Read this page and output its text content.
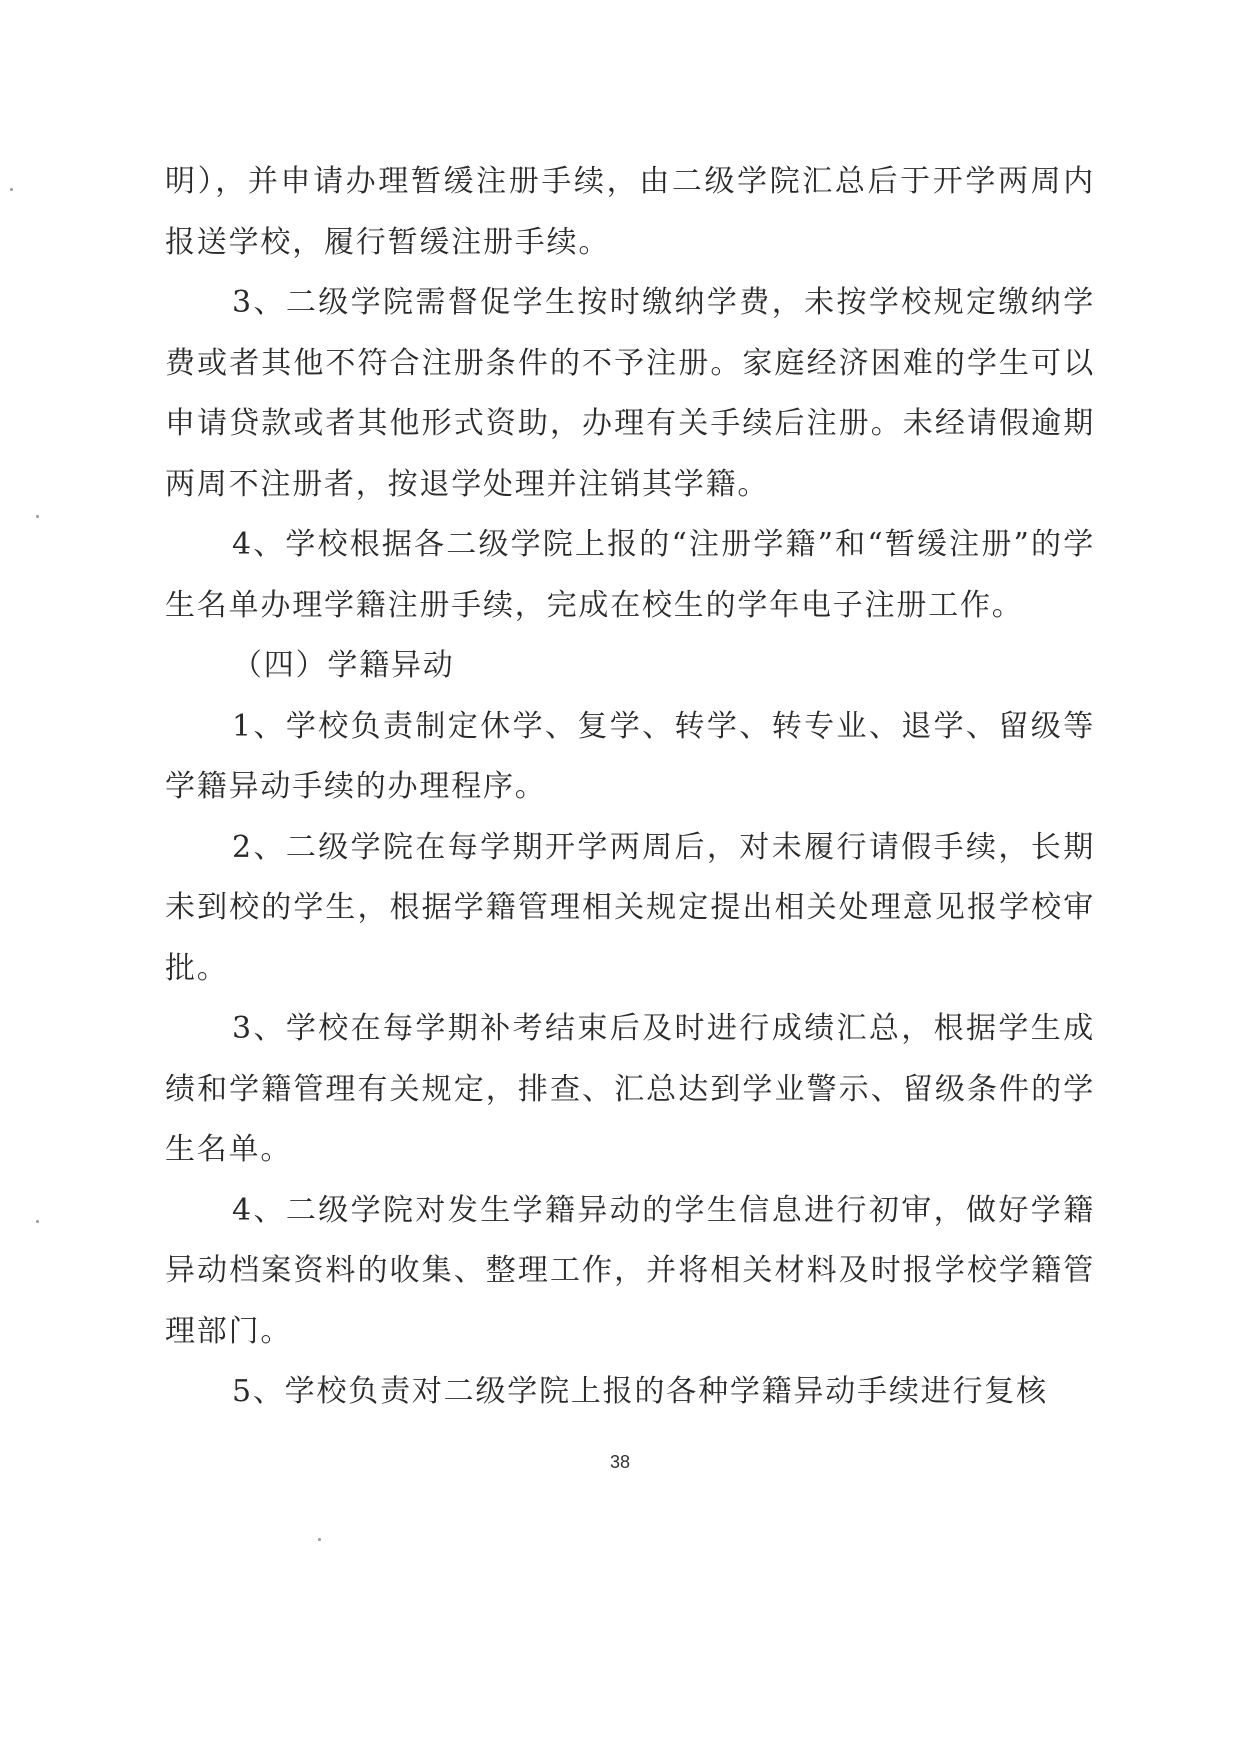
明），并申请办理暂缓注册手续，由二级学院汇总后于开学两周内报送学校，履行暂缓注册手续。

3、二级学院需督促学生按时缴纳学费，未按学校规定缴纳学费或者其他不符合注册条件的不予注册。家庭经济困难的学生可以申请贷款或者其他形式资助，办理有关手续后注册。未经请假逾期两周不注册者，按退学处理并注销其学籍。

4、学校根据各二级学院上报的“注册学籍”和“暂缓注册”的学生名单办理学籍注册手续，完成在校生的学年电子注册工作。

（四）学籍异动

1、学校负责制定休学、复学、转学、转专业、退学、留级等学籍异动手续的办理程序。

2、二级学院在每学期开学两周后，对未履行请假手续，长期未到校的学生，根据学籍管理相关规定提出相关处理意见报学校审批。

3、学校在每学期补考结束后及时进行成绩汇总，根据学生成绩和学籍管理有关规定，排查、汇总达到学业警示、留级条件的学生名单。

4、二级学院对发生学籍异动的学生信息进行初审，做好学籍异动档案资料的收集、整理工作，并将相关材料及时报学校学籍管理部门。

5、学校负责对二级学院上报的各种学籍异动手续进行复核

38
